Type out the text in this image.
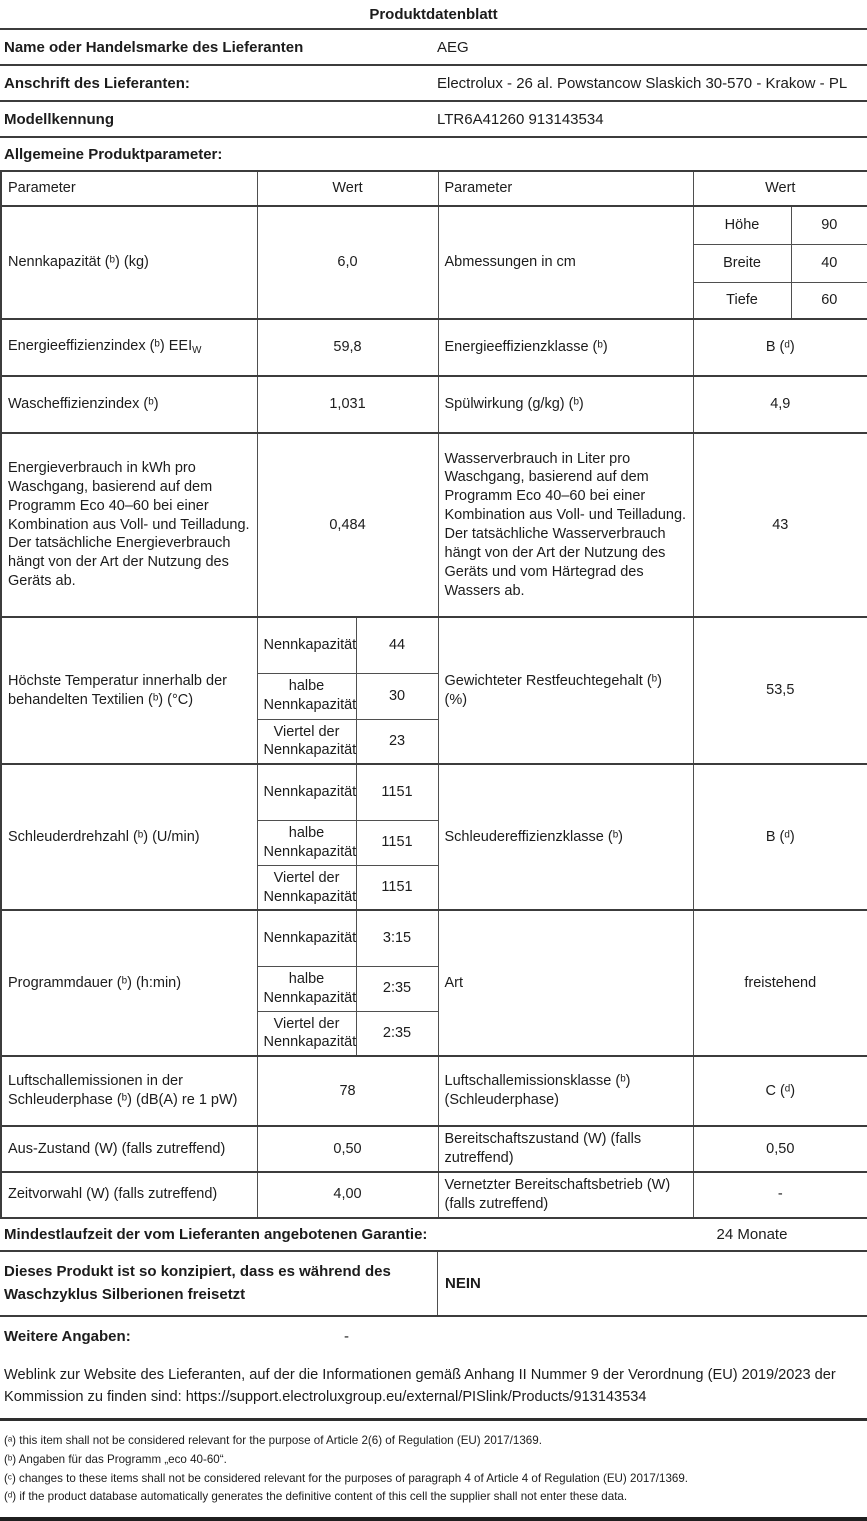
Produktdatenblatt
Name oder Handelsmarke des Lieferanten	AEG
Anschrift des Lieferanten:	Electrolux - 26 al. Powstancow Slaskich 30-570 - Krakow - PL
Modellkennung	LTR6A41260 913143534
Allgemeine Produktparameter:
Parameter	Wert		Parameter	Wert	
Nennkapazität (ᵇ) (kg)	6,0		Abmessungen in cm	Höhe	90
				Breite	40
				Tiefe	60
Energieeffizienzindex (ᵇ) $EEI_W$	59,8		Energieeffizienzklasse (ᵇ)	B (ᵈ)	
Wascheffizienzindex (ᵇ)	1,031		Spülwirkung (g/kg) (ᵇ)	4,9	
Energieverbrauch in kWh pro Waschgang, basierend auf dem Programm Eco 40–60 bei einer Kombination aus Voll- und Teilladung. Der tatsächliche Energieverbrauch hängt von der Art der Nutzung des Geräts ab.	0,484	Wasserverbrauch in Liter pro Waschgang, basierend auf dem Programm Eco 40–60 bei einer Kombination aus Voll- und Teilladung. Der tatsächliche Wasserverbrauch hängt von der Art der Nutzung des Geräts und vom Härtegrad des Wassers ab.	43
Höchste Temperatur innerhalb der behandelten Textilien (ᵇ) (°C)	Nennkapazität	44	Gewichteter Restfeuchtegehalt (ᵇ) (%)	53,5	
	halbe Nennkapazität	30			
	Viertel der Nennkapazität	23			
Schleuderdrehzahl (ᵇ) (U/min)	Nennkapazität	1151	Schleudereffizienzklasse (ᵇ)	B (ᵈ)	
	halbe Nennkapazität	1151			
	Viertel der Nennkapazität	1151			
Programmdauer (ᵇ) (h:min)	Nennkapazität	3:15	Art	freistehend	
	halbe Nennkapazität	2:35			
	Viertel der Nennkapazität	2:35			
Luftschallemissionen in der Schleuderphase (ᵇ) (dB(A) re 1 pW)	78		Luftschallemissionsklasse (ᵇ) (Schleuderphase)	C (ᵈ)	
Aus-Zustand (W) (falls zutreffend)	0,50		Bereitschaftszustand (W) (falls zutreffend)	0,50	
Zeitvorwahl (W) (falls zutreffend)	4,00		Vernetzter Bereitschaftsbetrieb (W) (falls zutreffend)	-	
Mindestlaufzeit der vom Lieferanten angebotenen Garantie:	24 Monate
Dieses Produkt ist so konzipiert, dass es während des Waschzyklus Silberionen freisetzt
NEIN
Weitere Angaben:	-
Weblink zur Website des Lieferanten, auf der die Informationen gemäß Anhang II Nummer 9 der Verordnung (EU) 2019/2023 der Kommission zu finden sind: https://support.electroluxgroup.eu/external/PISlink/Products/913143534
(ᵃ) this item shall not be considered relevant for the purpose of Article 2(6) of Regulation (EU) 2017/1369.
(ᵇ) Angaben für das Programm „eco 40-60“.
(ᶜ) changes to these items shall not be considered relevant for the purposes of paragraph 4 of Article 4 of Regulation (EU) 2017/1369.
(ᵈ) if the product database automatically generates the definitive content of this cell the supplier shall not enter these data.
